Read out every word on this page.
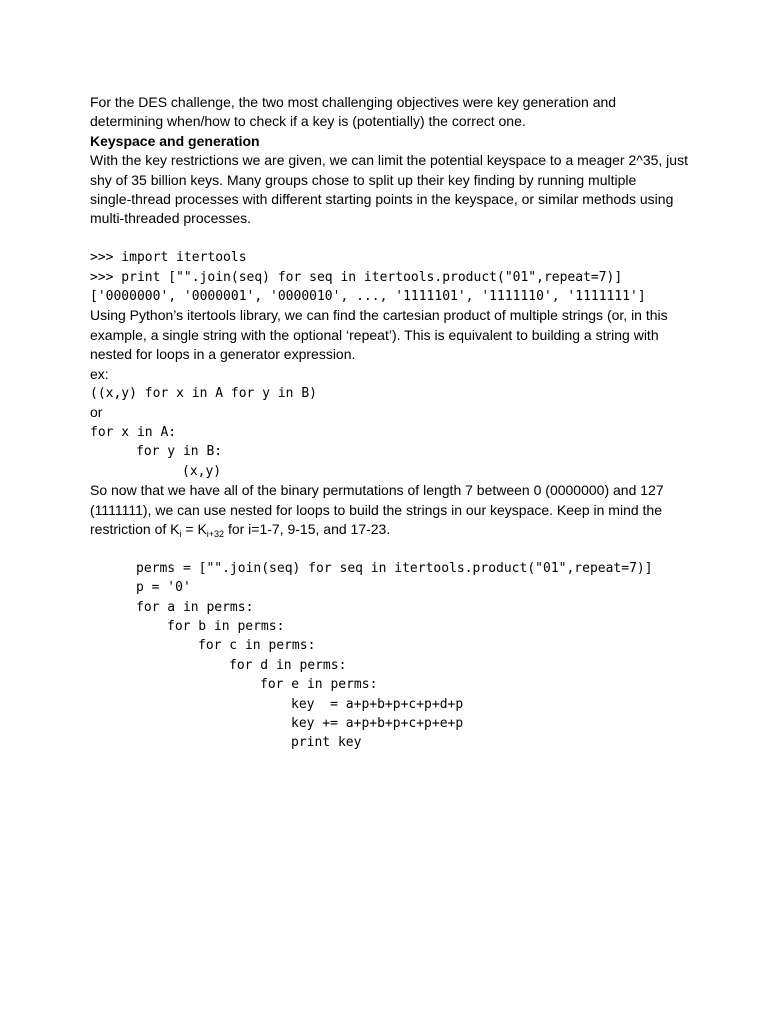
For the DES challenge, the two most challenging objectives were key generation and

determining when/how to check if a key is (potentially) the correct one.

Keyspace and generation

With the key restrictions we are given, we can limit the potential keyspace to a meager 2^35, just

shy of 35 billion keys. Many groups chose to split up their key finding by running multiple

single-thread processes with different starting points in the keyspace, or similar methods using

multi-threaded processes.

>>> import itertools

>>> print ["".join(seq) for seq in itertools.product("01",repeat=7)]

['0000000', '0000001', '0000010', ..., '1111101', '1111110', '1111111']

Using Python’s itertools library, we can find the cartesian product of multiple strings (or, in this

example, a single string with the optional ‘repeat’). This is equivalent to building a string with

nested for loops in a generator expression.

ex:

((x,y) for x in A for y in B)

or

for x in A:

for y in B:

(x,y)

So now that we have all of the binary permutations of length 7 between 0 (0000000) and 127

(1111111), we can use nested for loops to build the strings in our keyspace. Keep in mind the

restriction of $K_i = K_{i+32}$ for i=1-7, 9-15, and 17-23.

perms = ["".join(seq) for seq in itertools.product("01",repeat=7)]

p = '0'

for a in perms:

for b in perms:

for c in perms:

for d in perms:

for e in perms:

key  = a+p+b+p+c+p+d+p

key += a+p+b+p+c+p+e+p

print key
